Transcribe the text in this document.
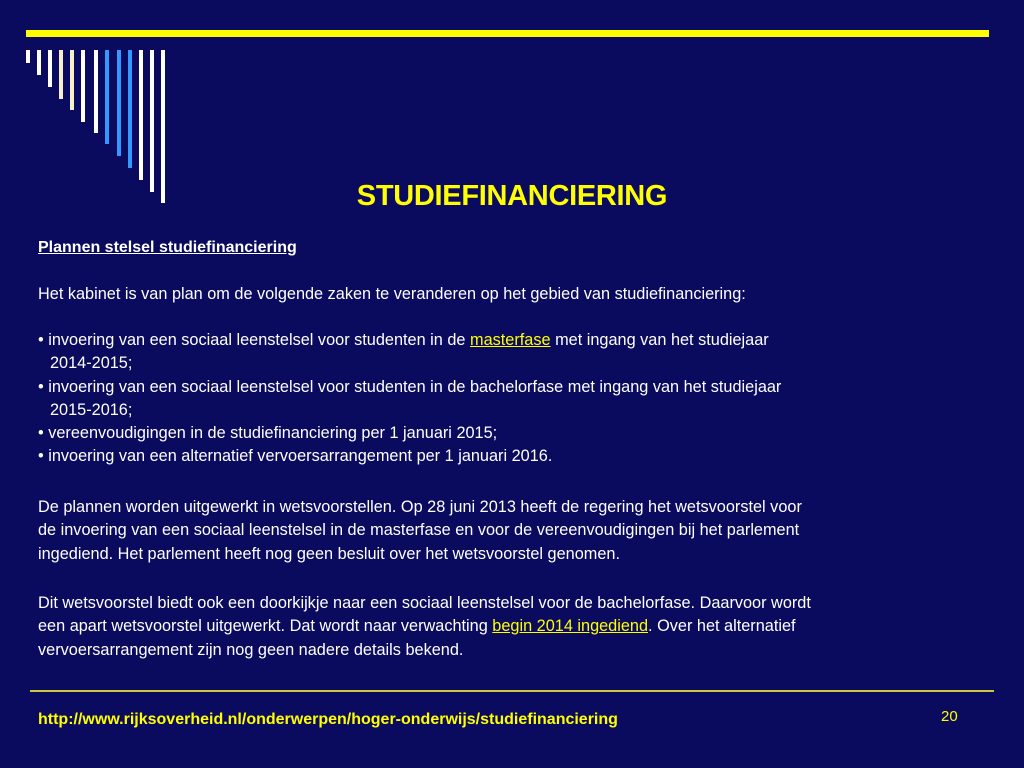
STUDIEFINANCIERING
Plannen stelsel studiefinanciering
Het kabinet is van plan om de volgende zaken te veranderen op het gebied van studiefinanciering:
• invoering van een sociaal leenstelsel voor studenten in de masterfase met ingang van het studiejaar
2014-2015;
• invoering van een sociaal leenstelsel voor studenten in de bachelorfase met ingang van het studiejaar
2015-2016;
• vereenvoudigingen in de studiefinanciering per 1 januari 2015;
• invoering van een alternatief vervoersarrangement per 1 januari 2016.
De plannen worden uitgewerkt in wetsvoorstellen. Op 28 juni 2013 heeft de regering het wetsvoorstel voor
de invoering van een sociaal leenstelsel in de masterfase en voor de vereenvoudigingen bij het parlement
ingediend. Het parlement heeft nog geen besluit over het wetsvoorstel genomen.
Dit wetsvoorstel biedt ook een doorkijkje naar een sociaal leenstelsel voor de bachelorfase. Daarvoor wordt
een apart wetsvoorstel uitgewerkt. Dat wordt naar verwachting begin 2014 ingediend. Over het alternatief
vervoersarrangement zijn nog geen nadere details bekend.
http://www.rijksoverheid.nl/onderwerpen/hoger-onderwijs/studiefinanciering	20
